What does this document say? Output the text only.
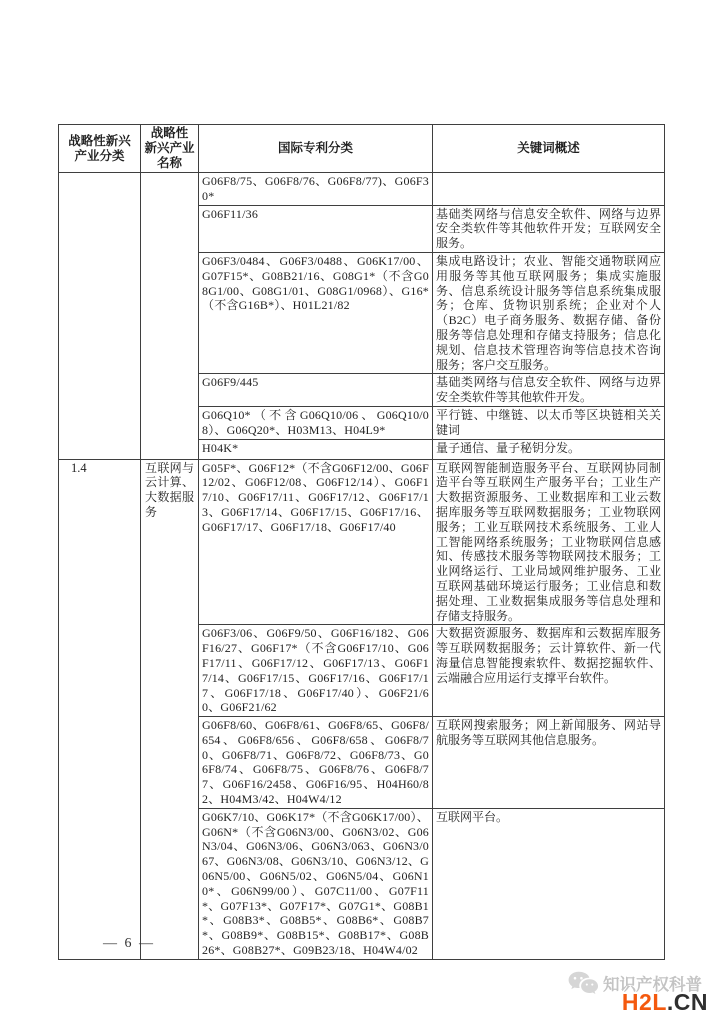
战略性新兴 产业分类	战略性 新兴产业 名称	国际专利分类	关键词概述
		G06F8/75、G06F8/76、G06F8/77)、G06F30*	
		G06F11/36	基础类网络与信息安全软件、网络与边界安全类软件等其他软件开发；互联网安全服务。
		G06F3/0484、G06F3/0488、G06K17/00、G07F15*、G08B21/16、G08G1*（不含G08G1/00、G08G1/01、G08G1/0968）、G16*（不含G16B*）、H01L21/82	集成电路设计；农业、智能交通物联网应用服务等其他互联网服务；集成实施服务、信息系统设计服务等信息系统集成服务；仓库、货物识别系统；企业对个人（B2C）电子商务服务、数据存储、备份服务等信息处理和存储支持服务；信息化规划、信息技术管理咨询等信息技术咨询服务；客户交互服务。
		G06F9/445	基础类网络与信息安全软件、网络与边界安全类软件等其他软件开发。
		G06Q10*（不含G06Q10/06、G06Q10/08）、G06Q20*、H03M13、H04L9*	平行链、中继链、以太币等区块链相关关键词
		H04K*	量子通信、量子秘钥分发。
1.4	互联网与云计算、大数据服务	G05F*、G06F12*（不含G06F12/00、G06F12/02、G06F12/08、G06F12/14）、G06F17/10、G06F17/11、G06F17/12、G06F17/13、G06F17/14、G06F17/15、G06F17/16、G06F17/17、G06F17/18、G06F17/40	互联网智能制造服务平台、互联网协同制造平台等互联网生产服务平台；工业生产大数据资源服务、工业数据库和工业云数据库服务等互联网数据服务；工业物联网服务；工业互联网技术系统服务、工业人工智能网络系统服务；工业物联网信息感知、传感技术服务等物联网技术服务；工业网络运行、工业局域网维护服务、工业互联网基础环境运行服务；工业信息和数据处理、工业数据集成服务等信息处理和存储支持服务。
		G06F3/06、G06F9/50、G06F16/182、G06F16/27、G06F17*（不含G06F17/10、G06F17/11、G06F17/12、G06F17/13、G06F17/14、G06F17/15、G06F17/16、G06F17/17、G06F17/18、G06F17/40）、G06F21/60、G06F21/62	大数据资源服务、数据库和云数据库服务等互联网数据服务；云计算软件、新一代海量信息智能搜索软件、数据挖掘软件、云端融合应用运行支撑平台软件。
		G06F8/60、G06F8/61、G06F8/65、G06F8/654、G06F8/656、G06F8/658、G06F8/70、G06F8/71、G06F8/72、G06F8/73、G06F8/74、G06F8/75、G06F8/76、G06F8/77、G06F16/2458、G06F16/95、H04H60/82、H04M3/42、H04W4/12	互联网搜索服务；网上新闻服务、网站导航服务等互联网其他信息服务。
		G06K7/10、G06K17*（不含G06K17/00）、G06N*（不含G06N3/00、G06N3/02、G06N3/04、G06N3/06、G06N3/063、G06N3/067、G06N3/08、G06N3/10、G06N3/12、G06N5/00、G06N5/02、G06N5/04、G06N10*、G06N99/00）、G07C11/00、G07F11*、G07F13*、G07F17*、G07G1*、G08B1*、G08B3*、G08B5*、G08B6*、G08B7*、G08B9*、G08B15*、G08B17*、G08B26*、G08B27*、G09B23/18、H04W4/02	互联网平台。
— 6 —
知识产权科普
H2L.CN
